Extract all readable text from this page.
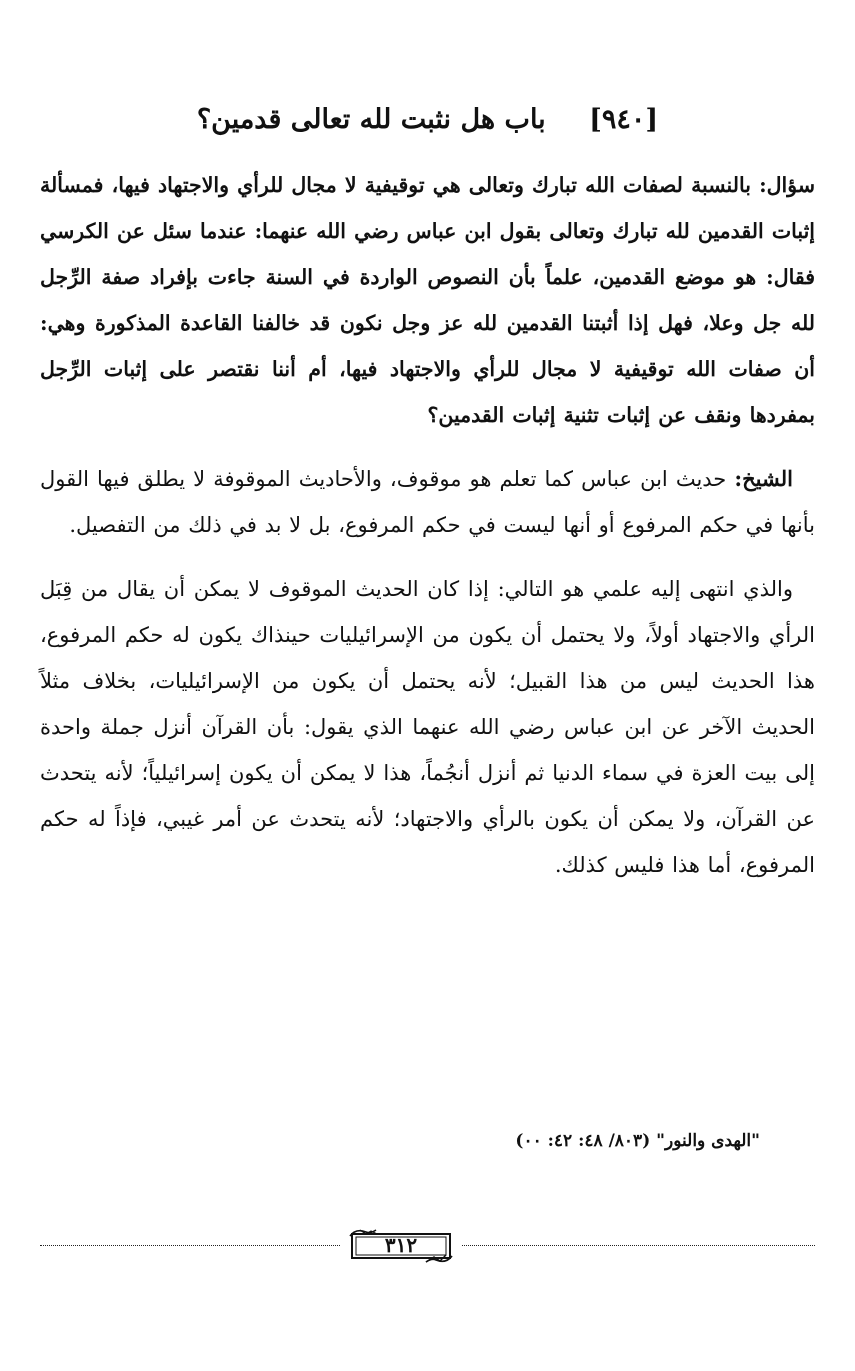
[٩٤٠] باب هل نثبت لله تعالى قدمين؟

سؤال: بالنسبة لصفات الله تبارك وتعالى هي توقيفية لا مجال للرأي والاجتهاد فيها، فمسألة إثبات القدمين لله تبارك وتعالى بقول ابن عباس رضي الله عنهما: عندما سئل عن الكرسي فقال: هو موضع القدمين، علماً بأن النصوص الواردة في السنة جاءت بإفراد صفة الرِّجل لله جل وعلا، فهل إذا أثبتنا القدمين لله عز وجل نكون قد خالفنا القاعدة المذكورة وهي: أن صفات الله توقيفية لا مجال للرأي والاجتهاد فيها، أم أننا نقتصر على إثبات الرِّجل بمفردها ونقف عن إثبات تثنية إثبات القدمين؟

الشيخ: حديث ابن عباس كما تعلم هو موقوف، والأحاديث الموقوفة لا يطلق فيها القول بأنها في حكم المرفوع أو أنها ليست في حكم المرفوع، بل لا بد في ذلك من التفصيل.

والذي انتهى إليه علمي هو التالي: إذا كان الحديث الموقوف لا يمكن أن يقال من قِبَل الرأي والاجتهاد أولاً، ولا يحتمل أن يكون من الإسرائيليات حينذاك يكون له حكم المرفوع، هذا الحديث ليس من هذا القبيل؛ لأنه يحتمل أن يكون من الإسرائيليات، بخلاف مثلاً الحديث الآخر عن ابن عباس رضي الله عنهما الذي يقول: بأن القرآن أنزل جملة واحدة إلى بيت العزة في سماء الدنيا ثم أنزل أنجُماً، هذا لا يمكن أن يكون إسرائيلياً؛ لأنه يتحدث عن القرآن، ولا يمكن أن يكون بالرأي والاجتهاد؛ لأنه يتحدث عن أمر غيبي، فإذاً له حكم المرفوع، أما هذا فليس كذلك.

"الهدى والنور" (٨٠٣/ ٤٨: ٤٢: ٠٠)
٣١٢
